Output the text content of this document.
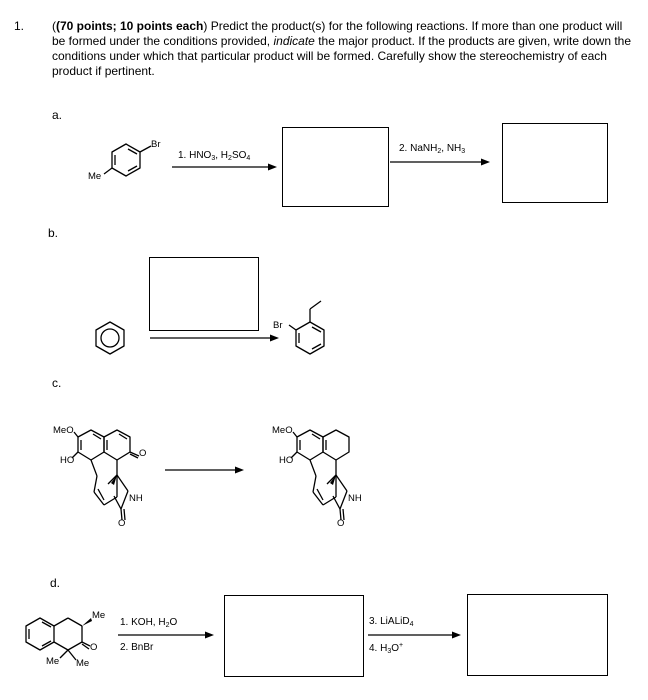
1. ((70 points; 10 points each) Predict the product(s) for the following reactions. If more than one product will be formed under the conditions provided, indicate the major product. If the products are given, write down the conditions under which that particular product will be formed. Carefully show the stereochemistry of each product if pertinent.
a.
b.
c.
d.
Br
Me
1. $HNO_3$, $H_2SO_4$
2. NaNH$_2$, $NH_3$
Br
MeO
HO
O
NH
O
MeO
HO
NH
O
Me
O
Me Me
1. KOH, $H_2O$
2. BnBr
3. LiALiD$_4$
4. $H_3O^+$
